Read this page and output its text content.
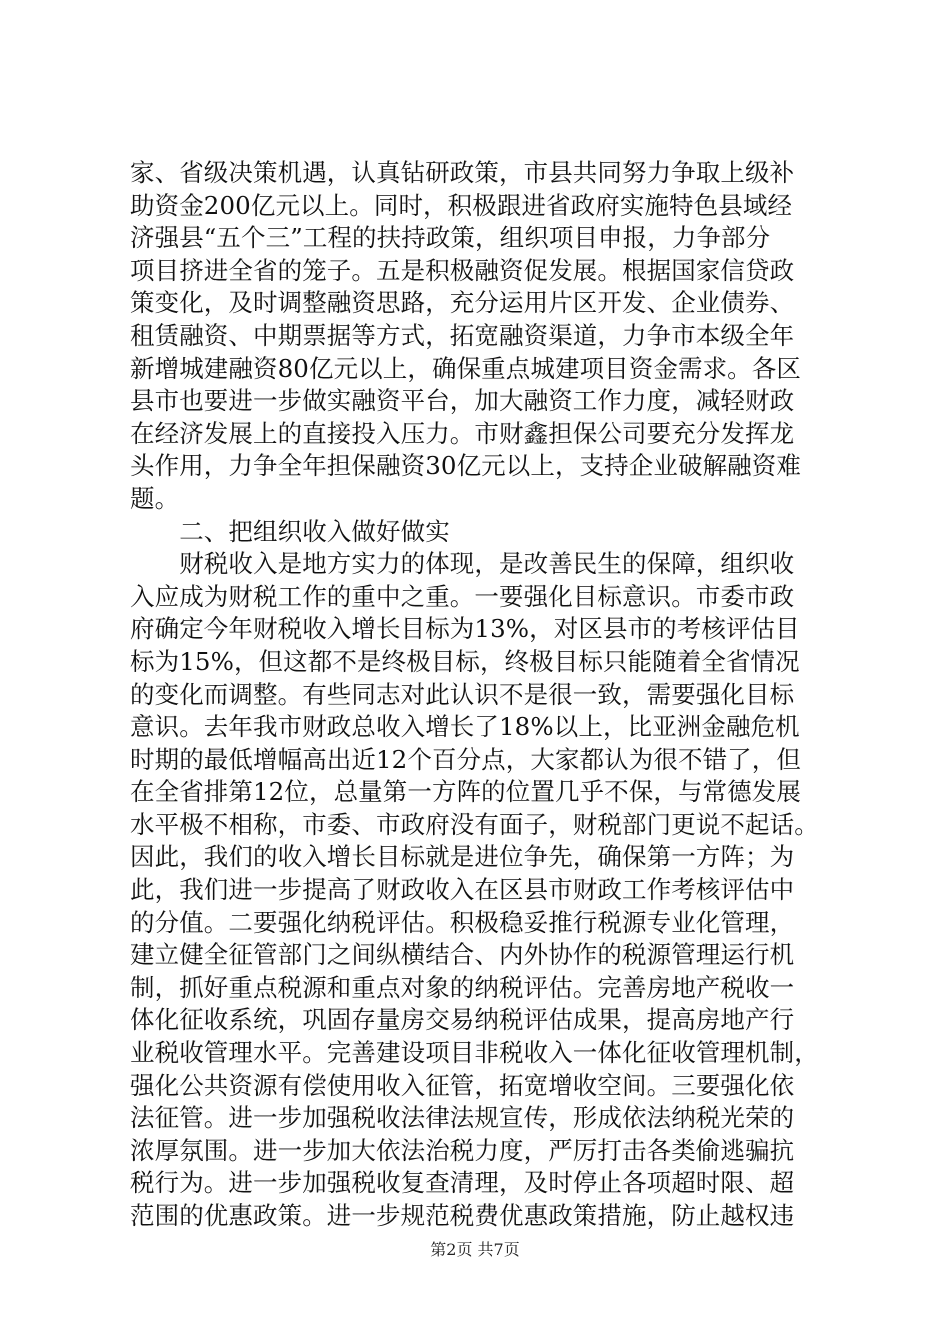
家、省级决策机遇，认真钻研政策，市县共同努力争取上级补
助资金200亿元以上。同时，积极跟进省政府实施特色县域经
济强县“五个三”工程的扶持政策，组织项目申报，力争部分
项目挤进全省的笼子。五是积极融资促发展。根据国家信贷政
策变化，及时调整融资思路，充分运用片区开发、企业债券、
租赁融资、中期票据等方式，拓宽融资渠道，力争市本级全年
新增城建融资80亿元以上，确保重点城建项目资金需求。各区
县市也要进一步做实融资平台，加大融资工作力度，减轻财政
在经济发展上的直接投入压力。市财鑫担保公司要充分发挥龙
头作用，力争全年担保融资30亿元以上，支持企业破解融资难
题。
　　二、把组织收入做好做实
　　财税收入是地方实力的体现，是改善民生的保障，组织收
入应成为财税工作的重中之重。一要强化目标意识。市委市政
府确定今年财税收入增长目标为13%，对区县市的考核评估目
标为15%，但这都不是终极目标，终极目标只能随着全省情况
的变化而调整。有些同志对此认识不是很一致，需要强化目标
意识。去年我市财政总收入增长了18%以上，比亚洲金融危机
时期的最低增幅高出近12个百分点，大家都认为很不错了，但
在全省排第12位，总量第一方阵的位置几乎不保，与常德发展
水平极不相称，市委、市政府没有面子，财税部门更说不起话。
因此，我们的收入增长目标就是进位争先，确保第一方阵；为
此，我们进一步提高了财政收入在区县市财政工作考核评估中
的分值。二要强化纳税评估。积极稳妥推行税源专业化管理，
建立健全征管部门之间纵横结合、内外协作的税源管理运行机
制，抓好重点税源和重点对象的纳税评估。完善房地产税收一
体化征收系统，巩固存量房交易纳税评估成果，提高房地产行
业税收管理水平。完善建设项目非税收入一体化征收管理机制，
强化公共资源有偿使用收入征管，拓宽增收空间。三要强化依
法征管。进一步加强税收法律法规宣传，形成依法纳税光荣的
浓厚氛围。进一步加大依法治税力度，严厉打击各类偷逃骗抗
税行为。进一步加强税收复查清理，及时停止各项超时限、超
范围的优惠政策。进一步规范税费优惠政策措施，防止越权违
第2页 共7页
